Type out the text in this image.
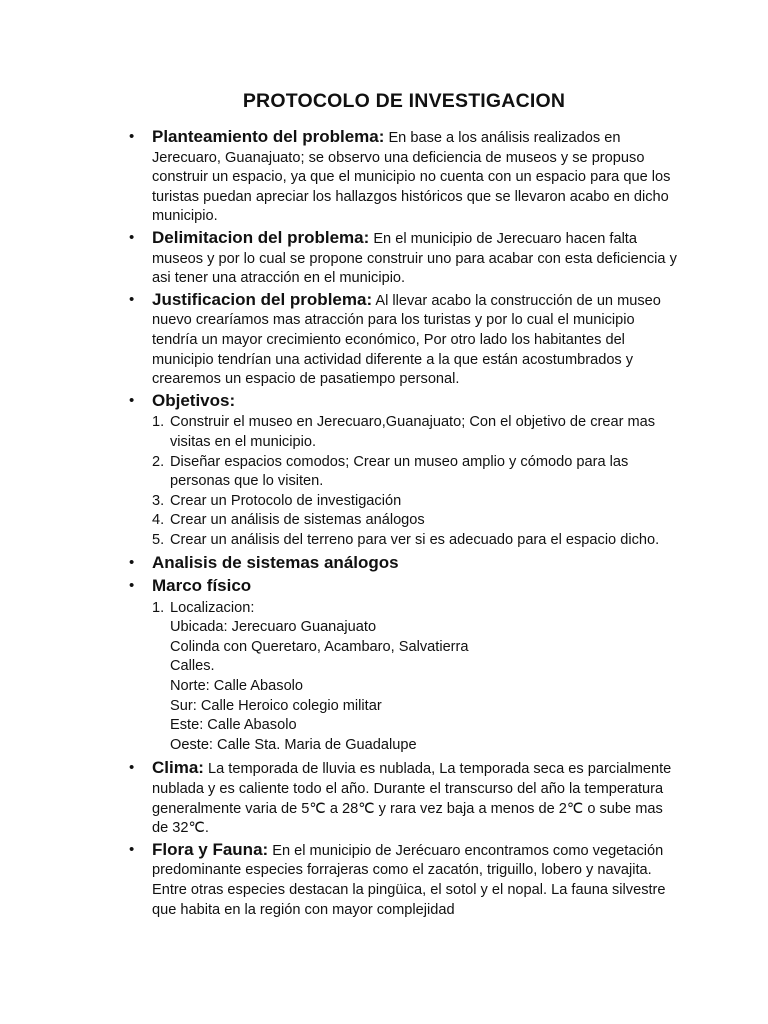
PROTOCOLO DE INVESTIGACION
• Planteamiento del problema: En base a los análisis realizados en Jerecuaro, Guanajuato; se observo una deficiencia de museos y se propuso construir un espacio, ya que el municipio no cuenta con un espacio para que los turistas puedan apreciar los hallazgos históricos que se llevaron acabo en dicho municipio.
• Delimitacion del problema: En el municipio de Jerecuaro hacen falta museos y por lo cual se propone construir uno para acabar con esta deficiencia y asi tener una atracción en el municipio.
• Justificacion del problema: Al llevar acabo la construcción de un museo nuevo crearíamos mas atracción para los turistas y por lo cual el municipio tendría un mayor crecimiento económico, Por otro lado los habitantes del municipio tendrían una actividad diferente a la que están acostumbrados y crearemos un espacio de pasatiempo personal.
• Objetivos:
1. Construir el museo en Jerecuaro,Guanajuato; Con el objetivo de crear mas visitas en el municipio.
2. Diseñar espacios comodos; Crear un museo amplio y cómodo para las personas que lo visiten.
3. Crear un Protocolo de investigación
4. Crear un análisis de sistemas análogos
5. Crear un análisis del terreno para ver si es adecuado para el espacio dicho.
• Analisis de sistemas análogos
• Marco físico
1. Localizacion:
Ubicada: Jerecuaro Guanajuato
Colinda con Queretaro, Acambaro, Salvatierra
Calles.
Norte: Calle Abasolo
Sur: Calle Heroico colegio militar
Este: Calle Abasolo
Oeste: Calle Sta. Maria de Guadalupe
• Clima: La temporada de lluvia es nublada, La temporada seca es parcialmente nublada y es caliente todo el año. Durante el transcurso del año la temperatura generalmente varia de 5℃ a 28℃ y rara vez baja a menos de 2℃ o sube mas de 32℃.
• Flora y Fauna: En el municipio de Jerécuaro encontramos como vegetación predominante especies forrajeras como el zacatón, triguillo, lobero y navajita. Entre otras especies destacan la pingüica, el sotol y el nopal. La fauna silvestre que habita en la región con mayor complejidad
